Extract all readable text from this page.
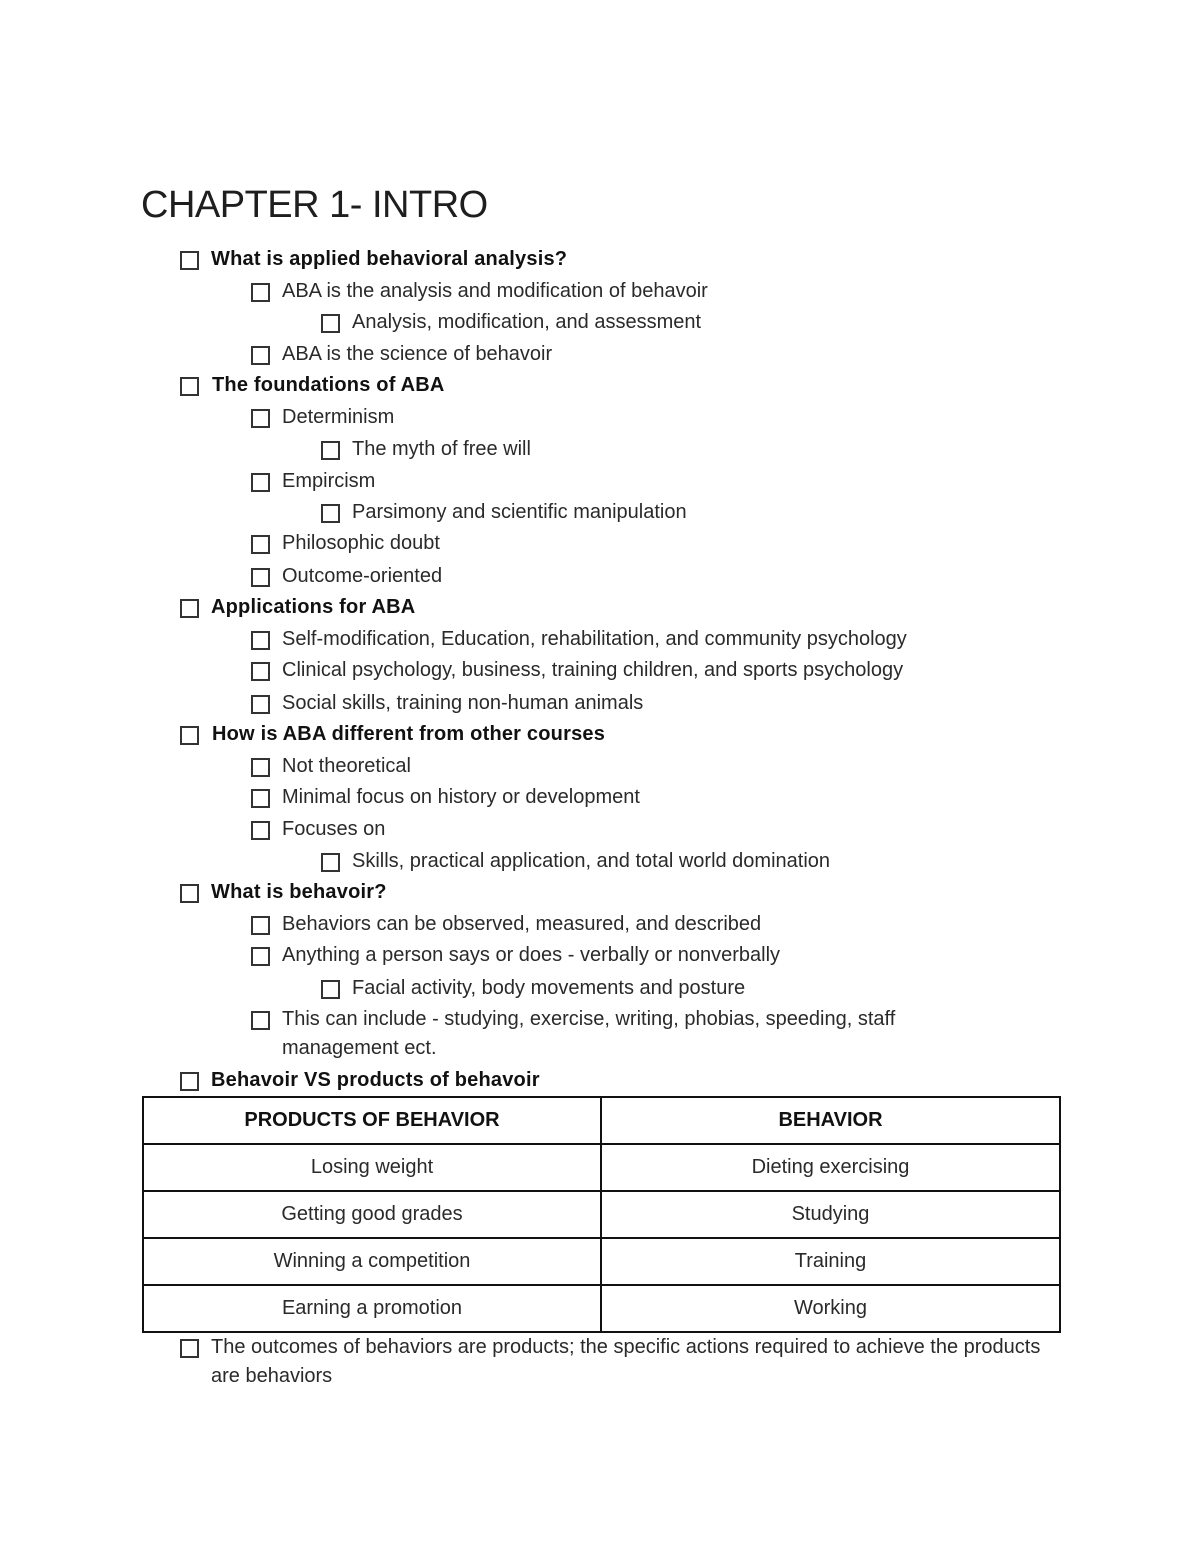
CHAPTER 1- INTRO
What is applied behavioral analysis?
ABA is the analysis and modification of behavoir
Analysis, modification, and assessment
ABA is the science of behavoir
The foundations of ABA
Determinism
The myth of free will
Empircism
Parsimony and scientific manipulation
Philosophic doubt
Outcome-oriented
Applications for ABA
Self-modification, Education, rehabilitation, and community psychology
Clinical psychology, business, training children, and sports psychology
Social skills, training non-human animals
How is ABA different from other courses
Not theoretical
Minimal focus on history or development
Focuses on
Skills, practical application, and total world domination
What is behavoir?
Behaviors can be observed, measured, and described
Anything a person says or does - verbally or nonverbally
Facial activity, body movements and posture
This can include - studying, exercise, writing, phobias, speeding, staff management ect.
Behavoir VS products of behavoir
PRODUCTS OF BEHAVIOR	BEHAVIOR
Losing weight	Dieting exercising
Getting good grades	Studying
Winning a competition	Training
Earning a promotion	Working
The outcomes of behaviors are products; the specific actions required to achieve the products are behaviors
